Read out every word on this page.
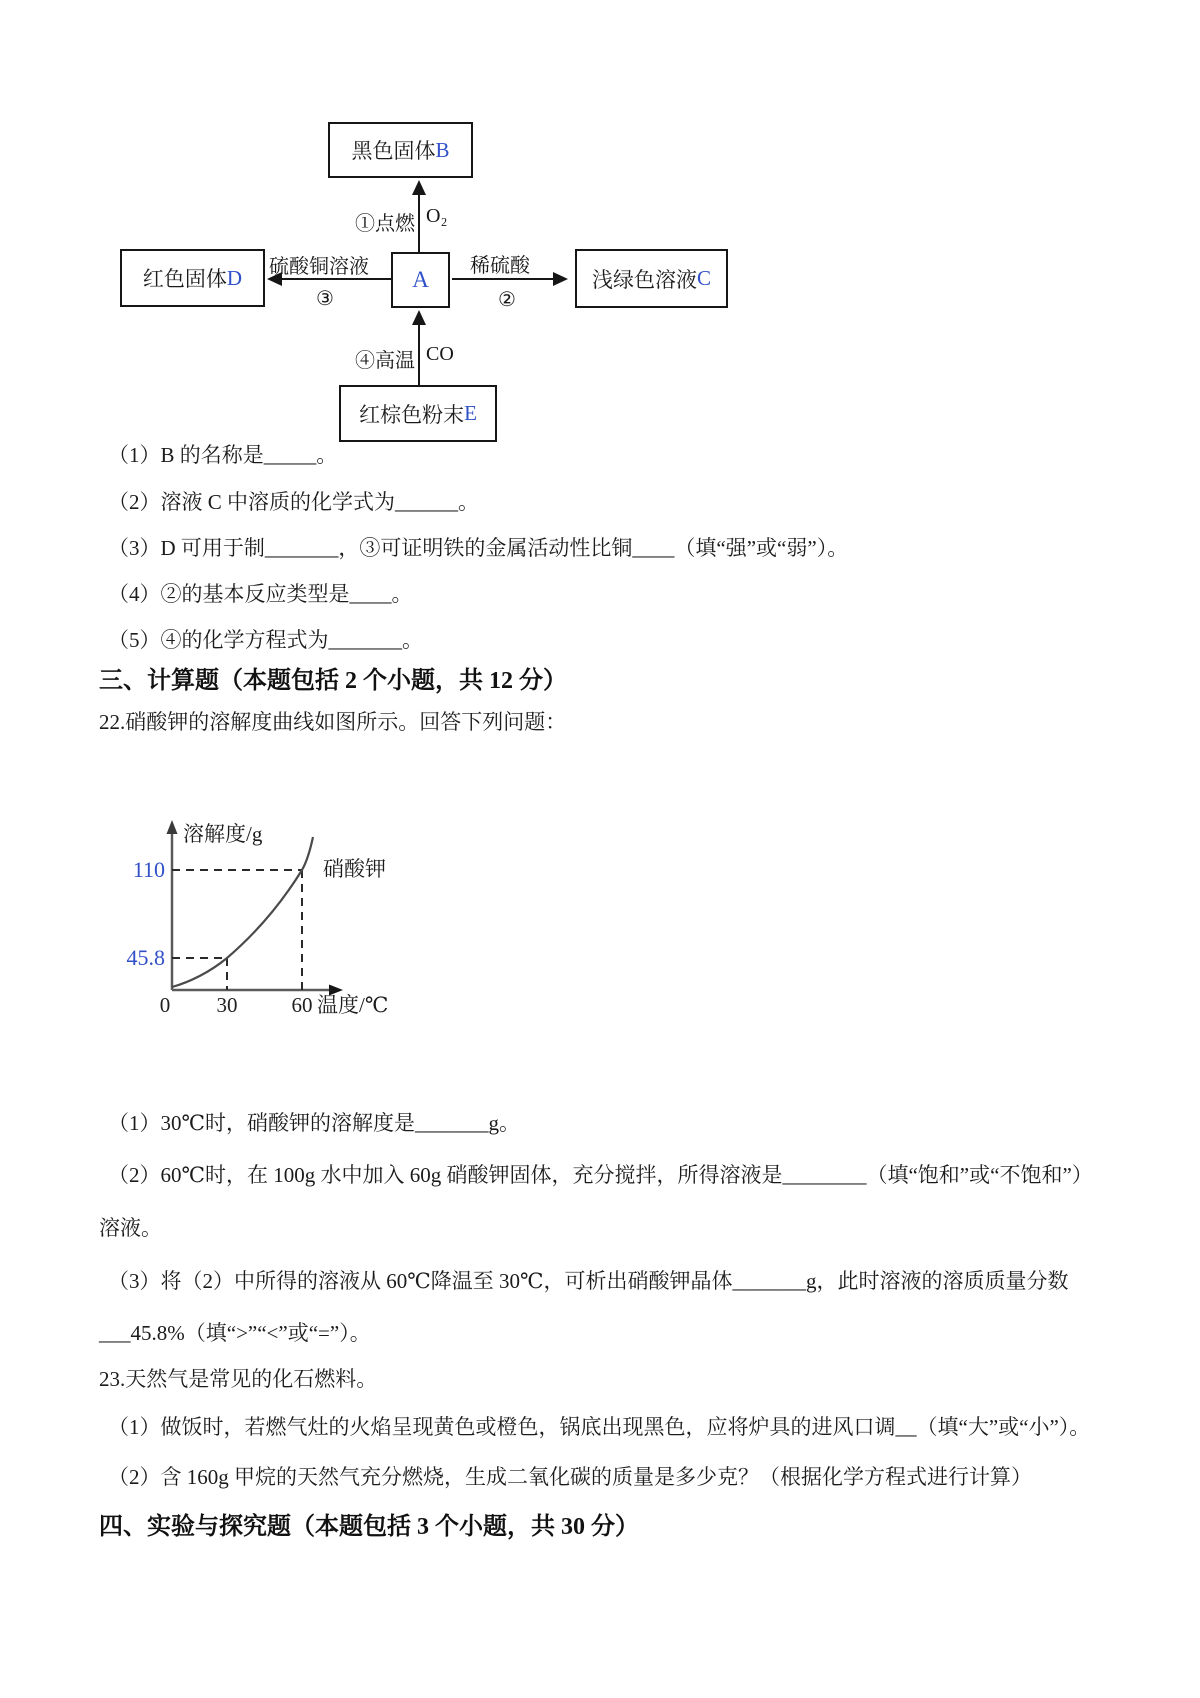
黑色固体 B
红色固体 D	A	浅绿色溶液 C
红棕色粉末 E
①点燃 O₂
硫酸铜溶液
③
稀硫酸
②
④高温 CO
（1）B 的名称是_____。
（2）溶液 C 中溶质的化学式为______。
（3）D 可用于制_______，③可证明铁的金属活动性比铜____（填“强”或“弱”）。
（4）②的基本反应类型是____。
（5）④的化学方程式为_______。
三、计算题（本题包括 2 个小题，共 12 分）
22.硝酸钾的溶解度曲线如图所示。回答下列问题：
溶解度/g
110
45.8
硝酸钾
0 30	60 温度/℃
（1）30℃时，硝酸钾的溶解度是_______g。
（2）60℃时，在 100g 水中加入 60g 硝酸钾固体，充分搅拌，所得溶液是________（填“饱和”或“不饱和”）
溶液。
（3）将（2）中所得的溶液从 60℃降温至 30℃，可析出硝酸钾晶体_______g，此时溶液的溶质质量分数
___45.8%（填“>”“<”或“=”）。
23.天然气是常见的化石燃料。
（1）做饭时，若燃气灶的火焰呈现黄色或橙色，锅底出现黑色，应将炉具的进风口调__（填“大”或“小”）。
（2）含 160g 甲烷的天然气充分燃烧，生成二氧化碳的质量是多少克？（根据化学方程式进行计算）
四、实验与探究题（本题包括 3 个小题，共 30 分）
